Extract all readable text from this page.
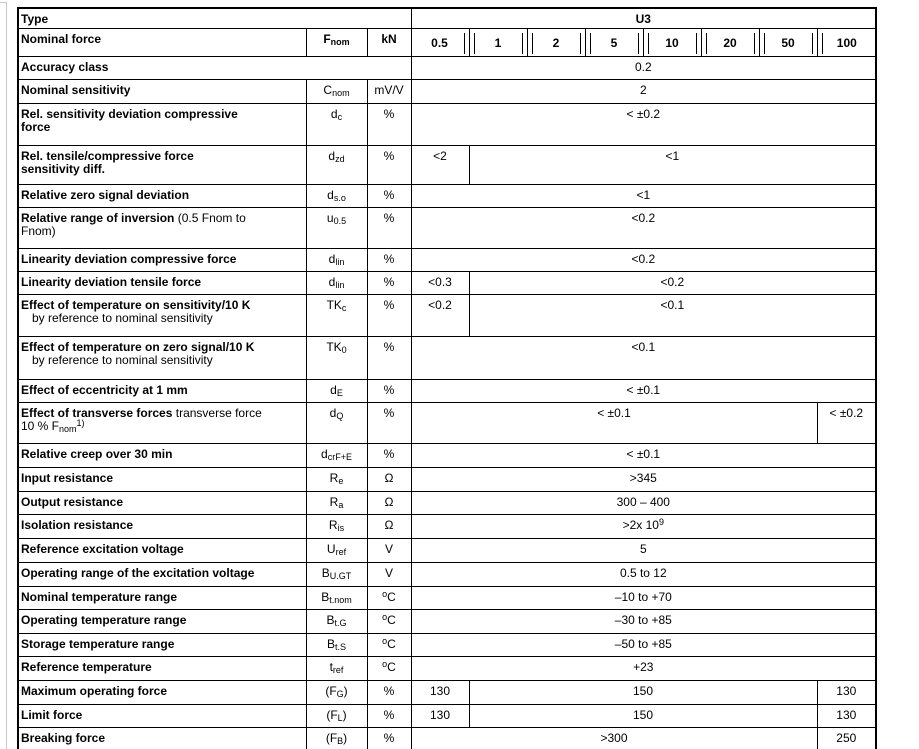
Type			U3							
Nominal force	Fnom	kN	0.5	1	2	5	10	20	50	100

Accuracy class			0.2							
Nominal sensitivity	Cnom	mV/V	2							
Rel. sensitivity deviation compressive
force	dc	%	< ±0.2							
Rel. tensile/compressive force
sensitivity diff.	dzd	%	<2	<1						
Relative zero signal deviation	ds.o	%	<1							
Relative range of inversion (0.5 Fnom to
Fnom)	u0.5	%	<0.2							
Linearity deviation compressive force	dlin	%	<0.2							
Linearity deviation tensile force	dlin	%	<0.3	<0.2						
Effect of temperature on sensitivity/10 K
by reference to nominal sensitivity	TKc	%	<0.2	<0.1						
Effect of temperature on zero signal/10 K
by reference to nominal sensitivity	TK0	%	<0.1							
Effect of eccentricity at 1 mm	dE	%	< ±0.1							
Effect of transverse forces transverse force
10 % Fnom$^{1)}$	dQ	%	< ±0.1							< ±0.2
Relative creep over 30 min	dcrF+E	%	< ±0.1							
Input resistance	Re	Ω	>345							
Output resistance	Ra	Ω	300 – 400							
Isolation resistance	Ris	Ω	>2x $10^9$
Reference excitation voltage	Uref	V	5							
Operating range of the excitation voltage	BU.GT	V	0.5 to 12							
Nominal temperature range	Bt.nom	$^o$C	–10 to +70							
Operating temperature range	Bt.G	$^o$C	–30 to +85							
Storage temperature range	Bt.S	$^o$C	–50 to +85							
Reference temperature	tref	$^o$C	+23							
Maximum operating force	(FG)	%	130	150						130
Limit force	(FL)	%	130	150						130
Breaking force	(FB)	%	>300							250
